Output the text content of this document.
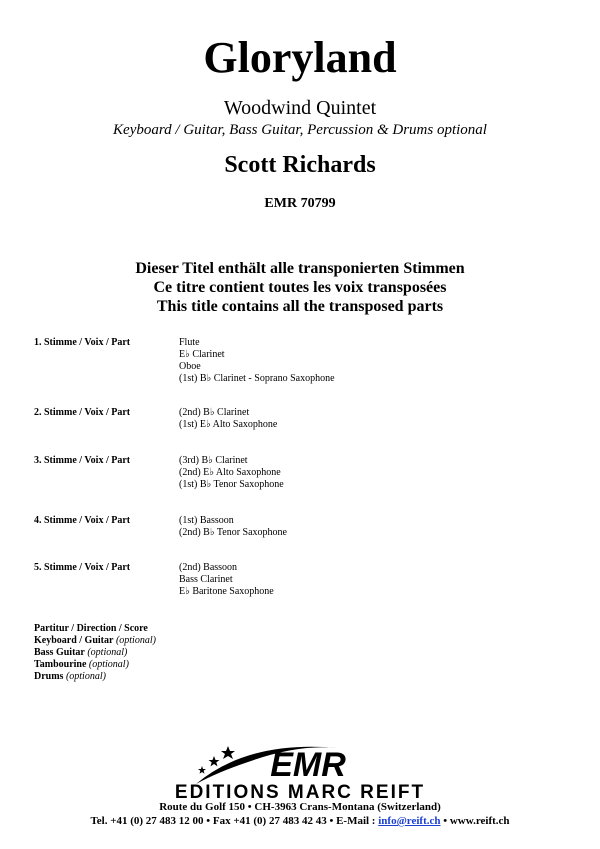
Gloryland
Woodwind Quintet
Keyboard / Guitar, Bass Guitar, Percussion & Drums optional
Scott Richards
EMR 70799
Dieser Titel enthält alle transponierten Stimmen
Ce titre contient toutes les voix transposées
This title contains all the transposed parts
1. Stimme / Voix / Part	Flute
E♭ Clarinet
Oboe
(1st) B♭ Clarinet - Soprano Saxophone
2. Stimme / Voix / Part	(2nd) B♭ Clarinet
(1st) E♭ Alto Saxophone
3. Stimme / Voix / Part	(3rd) B♭ Clarinet
(2nd) E♭ Alto Saxophone
(1st) B♭ Tenor Saxophone
4. Stimme / Voix / Part	(1st) Bassoon
(2nd) B♭ Tenor Saxophone
5. Stimme / Voix / Part	(2nd) Bassoon
Bass Clarinet
E♭ Baritone Saxophone
Partitur / Direction / Score
Keyboard / Guitar (optional)
Bass Guitar (optional)
Tambourine (optional)
Drums (optional)
EMR
EDITIONS MARC REIFT
Route du Golf 150 • CH-3963 Crans-Montana (Switzerland)
Tel. +41 (0) 27 483 12 00 • Fax +41 (0) 27 483 42 43 • E-Mail : info@reift.ch • www.reift.ch
